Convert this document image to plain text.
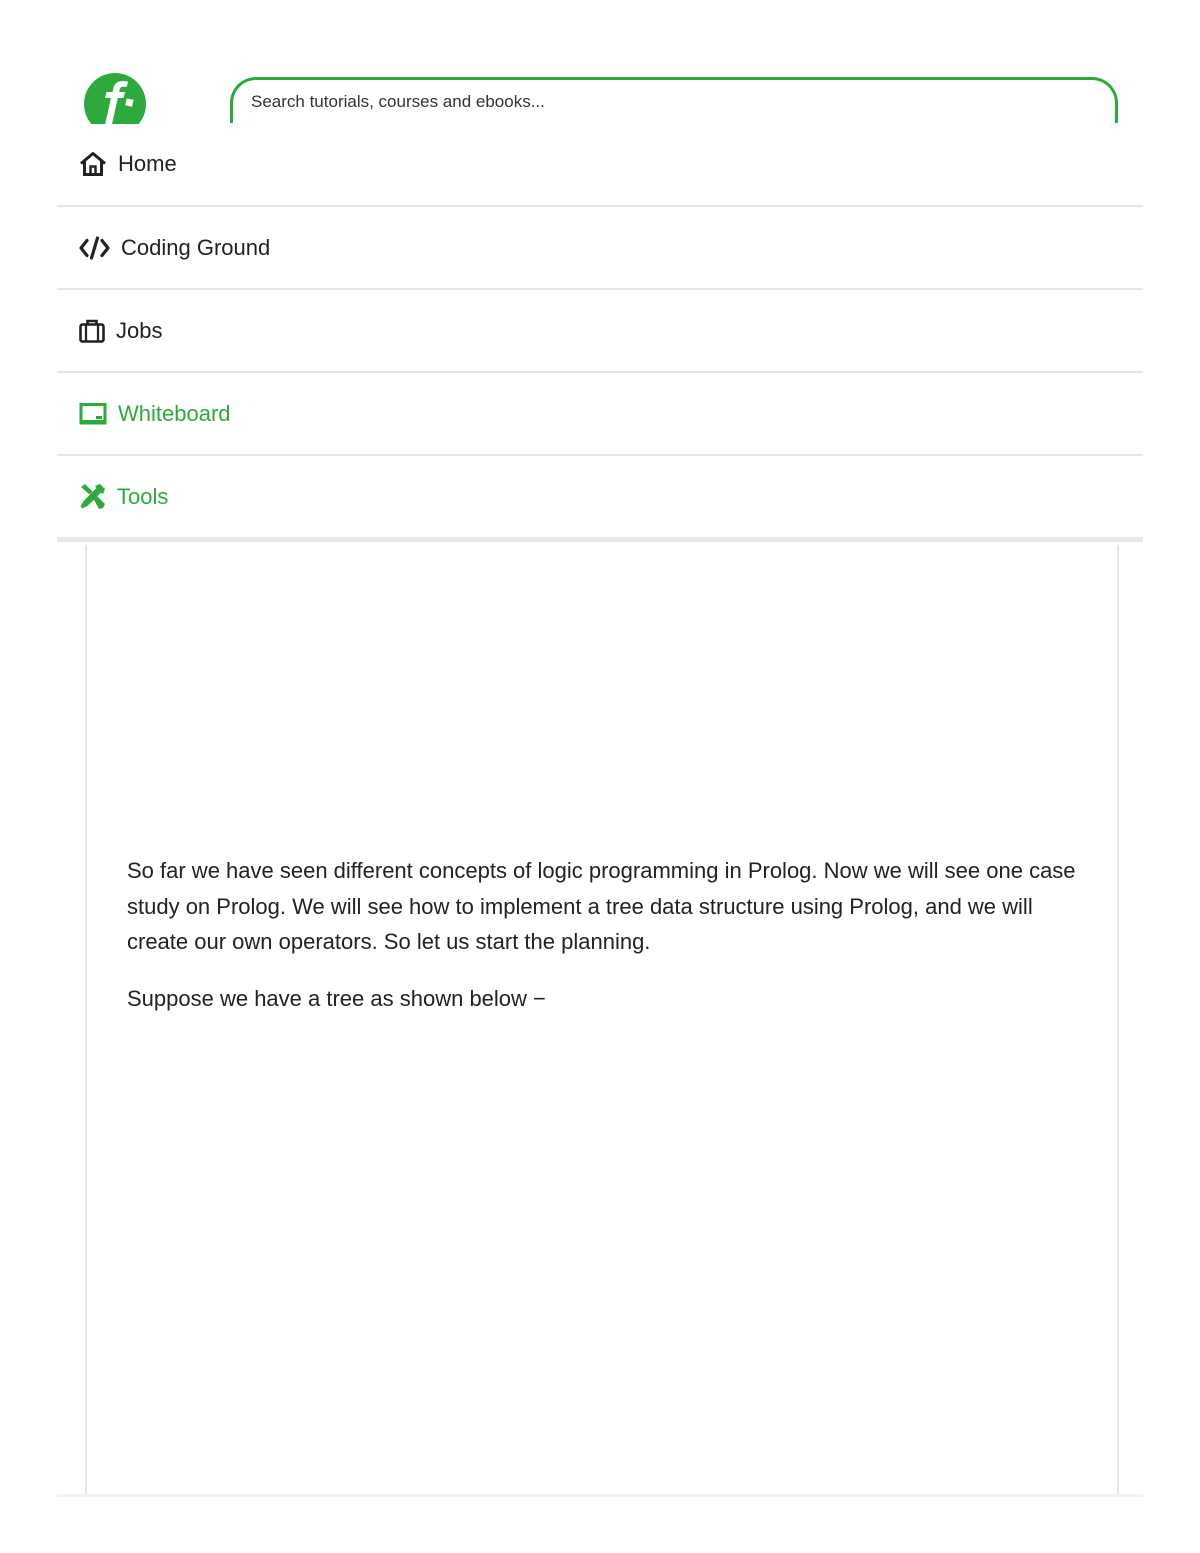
Search tutorials, courses and ebooks...
Home
Coding Ground
Jobs
Whiteboard
Tools

So far we have seen different concepts of logic programming in Prolog. Now we will see one case study on Prolog. We will see how to implement a tree data structure using Prolog, and we will create our own operators. So let us start the planning.

Suppose we have a tree as shown below −
